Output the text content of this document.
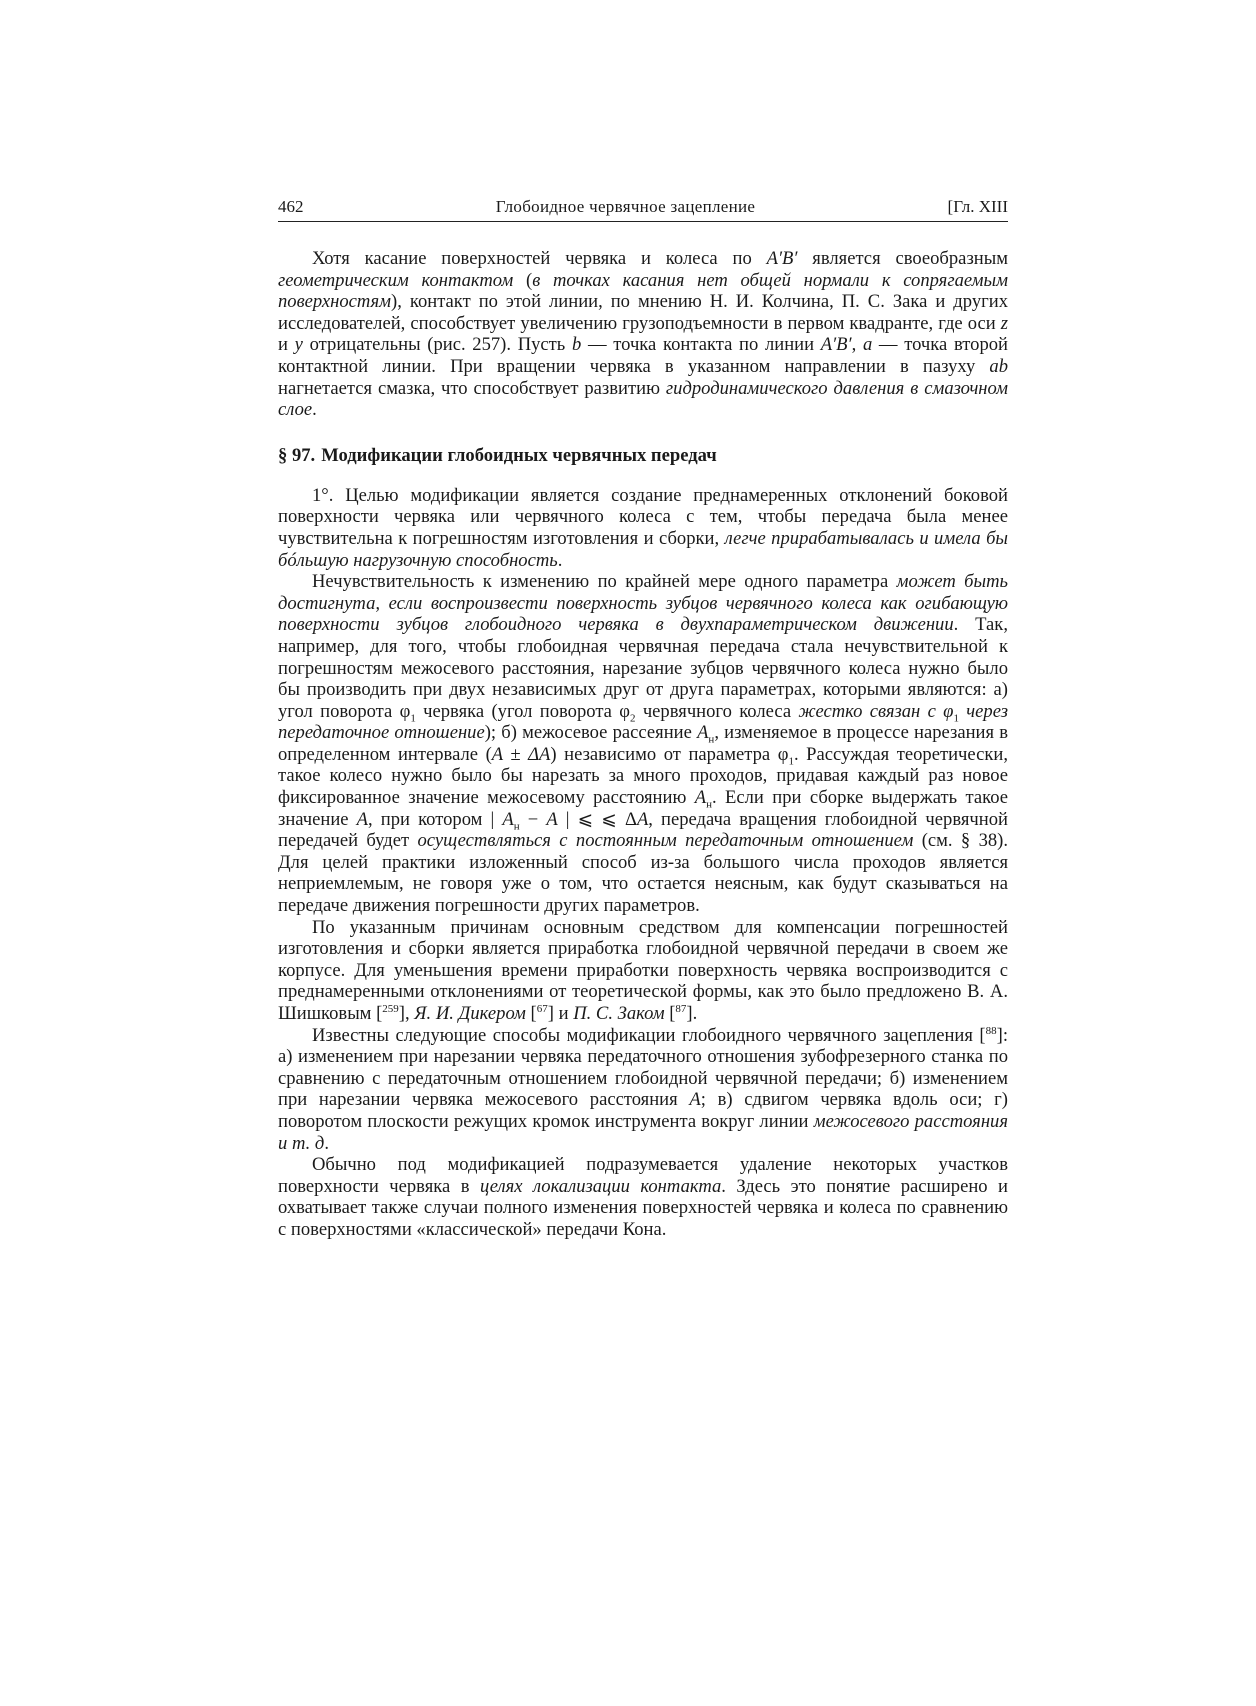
462	Глобоидное червячное зацепление	[Гл. XIII

Хотя касание поверхностей червяка и колеса по A′B′ является своеобразным геометрическим контактом (в точках касания нет общей нормали к сопрягаемым поверхностям), контакт по этой линии, по мнению Н. И. Колчина, П. С. Зака и других исследователей, способствует увеличению грузоподъемности в первом квадранте, где оси z и y отрицательны (рис. 257). Пусть b — точка контакта по линии A′B′, a — точка второй контактной линии. При вращении червяка в указанном направлении в пазуху ab нагнетается смазка, что способствует развитию гидродинамического давления в смазочном слое.

§ 97. Модификации глобоидных червячных передач

1°. Целью модификации является создание преднамеренных отклонений боковой поверхности червяка или червячного колеса с тем, чтобы передача была менее чувствительна к погрешностям изготовления и сборки, легче прирабатывалась и имела бы бóльшую нагрузочную способность.

Нечувствительность к изменению по крайней мере одного параметра может быть достигнута, если воспроизвести поверхность зубцов червячного колеса как огибающую поверхности зубцов глобоидного червяка в двухпараметрическом движении. Так, например, для того, чтобы глобоидная червячная передача стала нечувствительной к погрешностям межосевого расстояния, нарезание зубцов червячного колеса нужно было бы производить при двух независимых друг от друга параметрах, которыми являются: а) угол поворота $\varphi_1$ червяка (угол поворота $\varphi_2$ червячного колеса жестко связан с $\varphi_1$ через передаточное отношение); б) межосевое рассеяние $A_н$, изменяемое в процессе нарезания в определенном интервале (A ± ΔA) независимо от параметра $\varphi_1$. Рассуждая теоретически, такое колесо нужно было бы нарезать за много проходов, придавая каждый раз новое фиксированное значение межосевому расстоянию $A_н$. Если при сборке выдержать такое значение A, при котором | $A_н - A$ | ⩽ ⩽ ΔA, передача вращения глобоидной червячной передачей будет осуществляться с постоянным передаточным отношением (см. § 38). Для целей практики изложенный способ из-за большого числа проходов является неприемлемым, не говоря уже о том, что остается неясным, как будут сказываться на передаче движения погрешности других параметров.

По указанным причинам основным средством для компенсации погрешностей изготовления и сборки является приработка глобоидной червячной передачи в своем же корпусе. Для уменьшения времени приработки поверхность червяка воспроизводится с преднамеренными отклонениями от теоретической формы, как это было предложено В. А. Шишковым [$^{259}$], Я. И. Дикером [$^{67}$] и П. С. Заком [$^{87}$].

Известны следующие способы модификации глобоидного червячного зацепления [$^{88}$]: а) изменением при нарезании червяка передаточного отношения зубофрезерного станка по сравнению с передаточным отношением глобоидной червячной передачи; б) изменением при нарезании червяка межосевого расстояния A; в) сдвигом червяка вдоль оси; г) поворотом плоскости режущих кромок инструмента вокруг линии межосевого расстояния и т. д.

Обычно под модификацией подразумевается удаление некоторых участков поверхности червяка в целях локализации контакта. Здесь это понятие расширено и охватывает также случаи полного изменения поверхностей червяка и колеса по сравнению с поверхностями «классической» передачи Кона.
